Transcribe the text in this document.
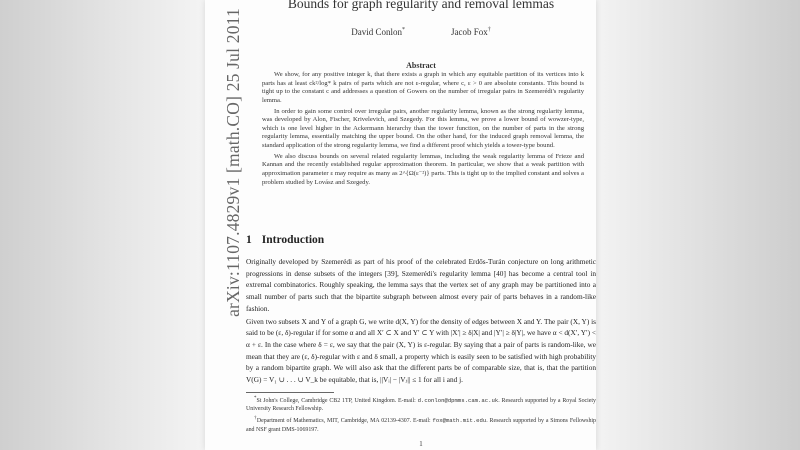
arXiv:1107.4829v1 [math.CO] 25 Jul 2011
Bounds for graph regularity and removal lemmas
David Conlon*	Jacob Fox†
Abstract

We show, for any positive integer k, that there exists a graph in which any equitable partition of its vertices into k parts has at least ck²/log* k pairs of parts which are not ε-regular, where c, ε > 0 are absolute constants. This bound is tight up to the constant c and addresses a question of Gowers on the number of irregular pairs in Szemerédi's regularity lemma.

In order to gain some control over irregular pairs, another regularity lemma, known as the strong regularity lemma, was developed by Alon, Fischer, Krivelevich, and Szegedy. For this lemma, we prove a lower bound of wowzer-type, which is one level higher in the Ackermann hierarchy than the tower function, on the number of parts in the strong regularity lemma, essentially matching the upper bound. On the other hand, for the induced graph removal lemma, the standard application of the strong regularity lemma, we find a different proof which yields a tower-type bound.

We also discuss bounds on several related regularity lemmas, including the weak regularity lemma of Frieze and Kannan and the recently established regular approximation theorem. In particular, we show that a weak partition with approximation parameter ε may require as many as 2^{Ω(ε⁻²)} parts. This is tight up to the implied constant and solves a problem studied by Lovász and Szegedy.

1 Introduction

Originally developed by Szemerédi as part of his proof of the celebrated Erdős-Turán conjecture on long arithmetic progressions in dense subsets of the integers [39], Szemerédi's regularity lemma [40] has become a central tool in extremal combinatorics. Roughly speaking, the lemma says that the vertex set of any graph may be partitioned into a small number of parts such that the bipartite subgraph between almost every pair of parts behaves in a random-like fashion.

Given two subsets X and Y of a graph G, we write d(X, Y) for the density of edges between X and Y. The pair (X, Y) is said to be (ε, δ)-regular if for some α and all X′ ⊂ X and Y′ ⊂ Y with |X′| ≥ δ|X| and |Y′| ≥ δ|Y|, we have α < d(X′, Y′) < α + ε. In the case where δ = ε, we say that the pair (X, Y) is ε-regular. By saying that a pair of parts is random-like, we mean that they are (ε, δ)-regular with ε and δ small, a property which is easily seen to be satisfied with high probability by a random bipartite graph. We will also ask that the different parts be of comparable size, that is, that the partition V(G) = V₁ ∪ . . . ∪ V_k be equitable, that is, ||Vᵢ| − |Vⱼ|| ≤ 1 for all i and j.

*St John's College, Cambridge CB2 1TP, United Kingdom. E-mail: d.conlon@dpmms.cam.ac.uk. Research supported by a Royal Society University Research Fellowship.

†Department of Mathematics, MIT, Cambridge, MA 02139-4307. E-mail: fox@math.mit.edu. Research supported by a Simons Fellowship and NSF grant DMS-1069197.

1
